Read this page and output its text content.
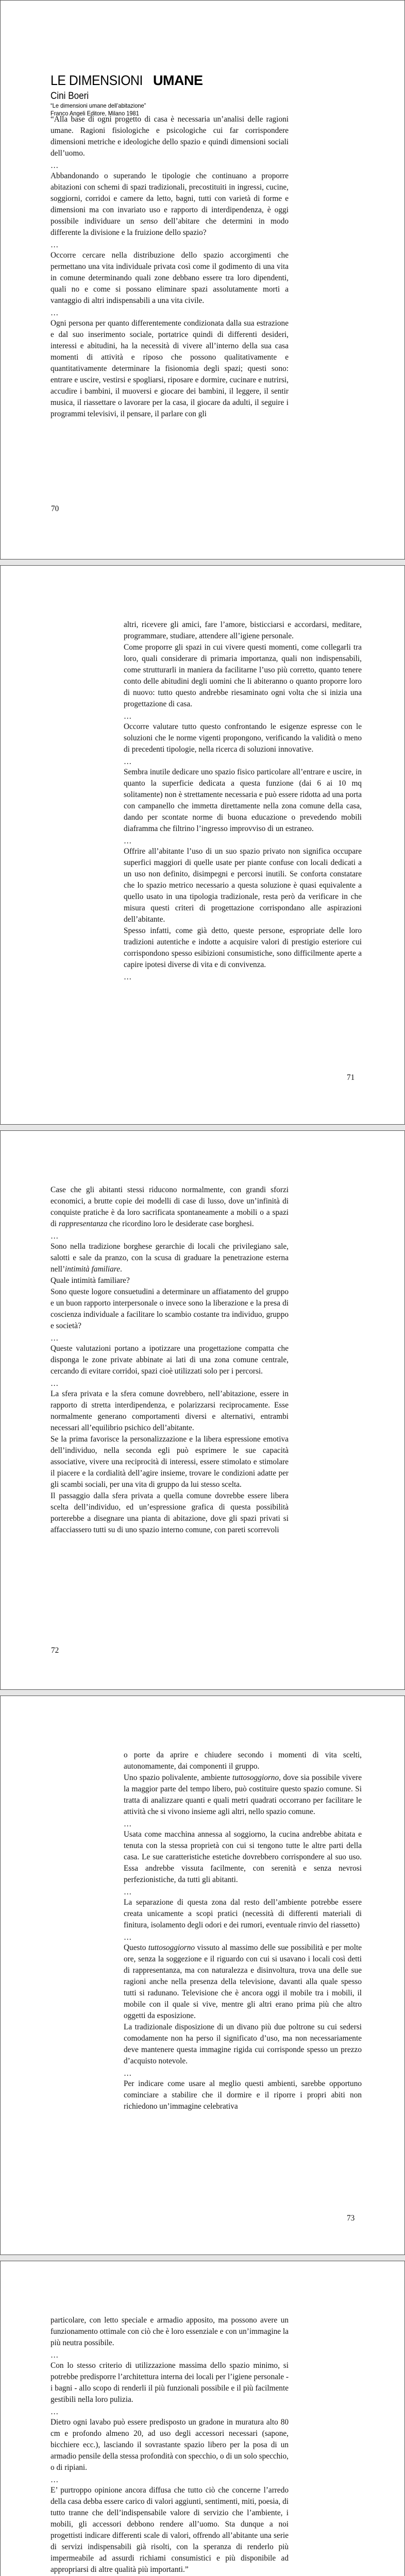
LE DIMENSIONI UMANE
Cini Boeri
“Le dimensioni umane dell’abitazione”
Franco Angeli Editore, Milano 1981

“Alla base di ogni progetto di casa è necessaria un’analisi delle ragioni umane. Ragioni fisiologiche e psicologiche cui far corrispondere dimensioni metriche e ideologiche dello spazio e quindi dimensioni sociali dell’uomo.

…

Abbandonando o superando le tipologie che continuano a proporre abitazioni con schemi di spazi tradizionali, precostituiti in ingressi, cucine, soggiorni, corridoi e camere da letto, bagni, tutti con varietà di forme e dimensioni ma con invariato uso e rapporto di interdipendenza, è oggi possibile individuare un senso dell’abitare che determini in modo differente la divisione e la fruizione dello spazio?

…

Occorre cercare nella distribuzione dello spazio accorgimenti che permettano una vita individuale privata così come il godimento di una vita in comune determinando quali zone debbano essere tra loro dipendenti, quali no e come si possano eliminare spazi assolutamente morti a vantaggio di altri indispensabili a una vita civile.

…

Ogni persona per quanto differentemente condizionata dalla sua estrazione e dal suo inserimento sociale, portatrice quindi di differenti desideri, interessi e abitudini, ha la necessità di vivere all’interno della sua casa momenti di attività e riposo che possono qualitativamente e quantitativamente determinare la fisionomia degli spazi; questi sono: entrare e uscire, vestirsi e spogliarsi, riposare e dormire, cucinare e nutrirsi, accudire i bambini, il muoversi e giocare dei bambini, il leggere, il sentir musica, il riassettare o lavorare per la casa, il giocare da adulti, il seguire i programmi televisivi, il pensare, il parlare con gli

70

altri, ricevere gli amici, fare l’amore, bisticciarsi e accordarsi, meditare, programmare, studiare, attendere all’igiene personale.

Come proporre gli spazi in cui vivere questi momenti, come collegarli tra loro, quali considerare di primaria importanza, quali non indispensabili, come strutturarli in maniera da facilitarne l’uso più corretto, quanto tenere conto delle abitudini degli uomini che li abiteranno o quanto proporre loro di nuovo: tutto questo andrebbe riesaminato ogni volta che si inizia una progettazione di casa.

…

Occorre valutare tutto questo confrontando le esigenze espresse con le soluzioni che le norme vigenti propongono, verificando la validità o meno di precedenti tipologie, nella ricerca di soluzioni innovative.

…

Sembra inutile dedicare uno spazio fisico particolare all’entrare e uscire, in quanto la superficie dedicata a questa funzione (dai 6 ai 10 mq solitamente) non è strettamente necessaria e può essere ridotta ad una porta con campanello che immetta direttamente nella zona comune della casa, dando per scontate norme di buona educazione o prevedendo mobili diaframma che filtrino l’ingresso improvviso di un estraneo.

…

Offrire all’abitante l’uso di un suo spazio privato non significa occupare superfici maggiori di quelle usate per piante confuse con locali dedicati a un uso non definito, disimpegni e percorsi inutili. Se conforta constatare che lo spazio metrico necessario a questa soluzione è quasi equivalente a quello usato in una tipologia tradizionale, resta però da verificare in che misura questi criteri di progettazione corrispondano alle aspirazioni dell’abitante.

Spesso infatti, come già detto, queste persone, espropriate delle loro tradizioni autentiche e indotte a acquisire valori di prestigio esteriore cui corrispondono spesso esibizioni consumistiche, sono difficilmente aperte a capire ipotesi diverse di vita e di convivenza.

…

71

Case che gli abitanti stessi riducono normalmente, con grandi sforzi economici, a brutte copie dei modelli di case di lusso, dove un’infinità di conquiste pratiche è da loro sacrificata spontaneamente a mobili o a spazi di rappresentanza che ricordino loro le desiderate case borghesi.

…

Sono nella tradizione borghese gerarchie di locali che privilegiano sale, salotti e sale da pranzo, con la scusa di graduare la penetrazione esterna nell’intimità familiare.

Quale intimità familiare?

Sono queste logore consuetudini a determinare un affiatamento del gruppo e un buon rapporto interpersonale o invece sono la liberazione e la presa di coscienza individuale a facilitare lo scambio costante tra individuo, gruppo e società?

…

Queste valutazioni portano a ipotizzare una progettazione compatta che disponga le zone private abbinate ai lati di una zona comune centrale, cercando di evitare corridoi, spazi cioè utilizzati solo per i percorsi.

…

La sfera privata e la sfera comune dovrebbero, nell’abitazione, essere in rapporto di stretta interdipendenza, e polarizzarsi reciprocamente. Esse normalmente generano comportamenti diversi e alternativi, entrambi necessari all’equilibrio psichico dell’abitante.

Se la prima favorisce la personalizzazione e la libera espressione emotiva dell’individuo, nella seconda egli può esprimere le sue capacità associative, vivere una reciprocità di interessi, essere stimolato e stimolare il piacere e la cordialità dell’agire insieme, trovare le condizioni adatte per gli scambi sociali, per una vita di gruppo da lui stesso scelta.

Il passaggio dalla sfera privata a quella comune dovrebbe essere libera scelta dell’individuo, ed un’espressione grafica di questa possibilità porterebbe a disegnare una pianta di abitazione, dove gli spazi privati si affacciassero tutti su di uno spazio interno comune, con pareti scorrevoli

72

o porte da aprire e chiudere secondo i momenti di vita scelti, autonomamente, dai componenti il gruppo.

Uno spazio polivalente, ambiente tuttosoggiorno, dove sia possibile vivere la maggior parte del tempo libero, può costituire questo spazio comune. Si tratta di analizzare quanti e quali metri quadrati occorrano per facilitare le attività che si vivono insieme agli altri, nello spazio comune.

…

Usata come macchina annessa al soggiorno, la cucina andrebbe abitata e tenuta con la stessa proprietà con cui si tengono tutte le altre parti della casa. Le sue caratteristiche estetiche dovrebbero corrispondere al suo uso. Essa andrebbe vissuta facilmente, con serenità e senza nevrosi perfezionistiche, da tutti gli abitanti.

…

La separazione di questa zona dal resto dell’ambiente potrebbe essere creata unicamente a scopi pratici (necessità di differenti materiali di finitura, isolamento degli odori e dei rumori, eventuale rinvio del riassetto)

…

Questo tuttosoggiorno vissuto al massimo delle sue possibilità e per molte ore, senza la soggezione e il riguardo con cui si usavano i locali così detti di rappresentanza, ma con naturalezza e disinvoltura, trova una delle sue ragioni anche nella presenza della televisione, davanti alla quale spesso tutti si radunano. Televisione che è ancora oggi il mobile tra i mobili, il mobile con il quale si vive, mentre gli altri erano prima più che altro oggetti da esposizione.

La tradizionale disposizione di un divano più due poltrone su cui sedersi comodamente non ha perso il significato d’uso, ma non necessariamente deve mantenere questa immagine rigida cui corrisponde spesso un prezzo d’acquisto notevole.

…

Per indicare come usare al meglio questi ambienti, sarebbe opportuno cominciare a stabilire che il dormire e il riporre i propri abiti non richiedono un’immagine celebrativa

73

particolare, con letto speciale e armadio apposito, ma possono avere un funzionamento ottimale con ciò che è loro essenziale e con un’immagine la più neutra possibile.

…

Con lo stesso criterio di utilizzazione massima dello spazio minimo, si potrebbe predisporre l’architettura interna dei locali per l’igiene personale - i bagni - allo scopo di renderli il più funzionali possibile e il più facilmente gestibili nella loro pulizia.

…

Dietro ogni lavabo può essere predisposto un gradone in muratura alto 80 cm e profondo almeno 20, ad uso degli accessori necessari (sapone, bicchiere ecc.), lasciando il sovrastante spazio libero per la posa di un armadio pensile della stessa profondità con specchio, o di un solo specchio, o di ripiani.

…

E’ purtroppo opinione ancora diffusa che tutto ciò che concerne l’arredo della casa debba essere carico di valori aggiunti, sentimenti, miti, poesia, di tutto tranne che dell’indispensabile valore di servizio che l’ambiente, i mobili, gli accessori debbono rendere all’uomo. Sta dunque a noi progettisti indicare differenti scale di valori, offrendo all’abitante una serie di servizi indispensabili già risolti, con la speranza di renderlo più impermeabile ad assurdi richiami consumistici e più disponibile ad appropriarsi di altre qualità più importanti.”
